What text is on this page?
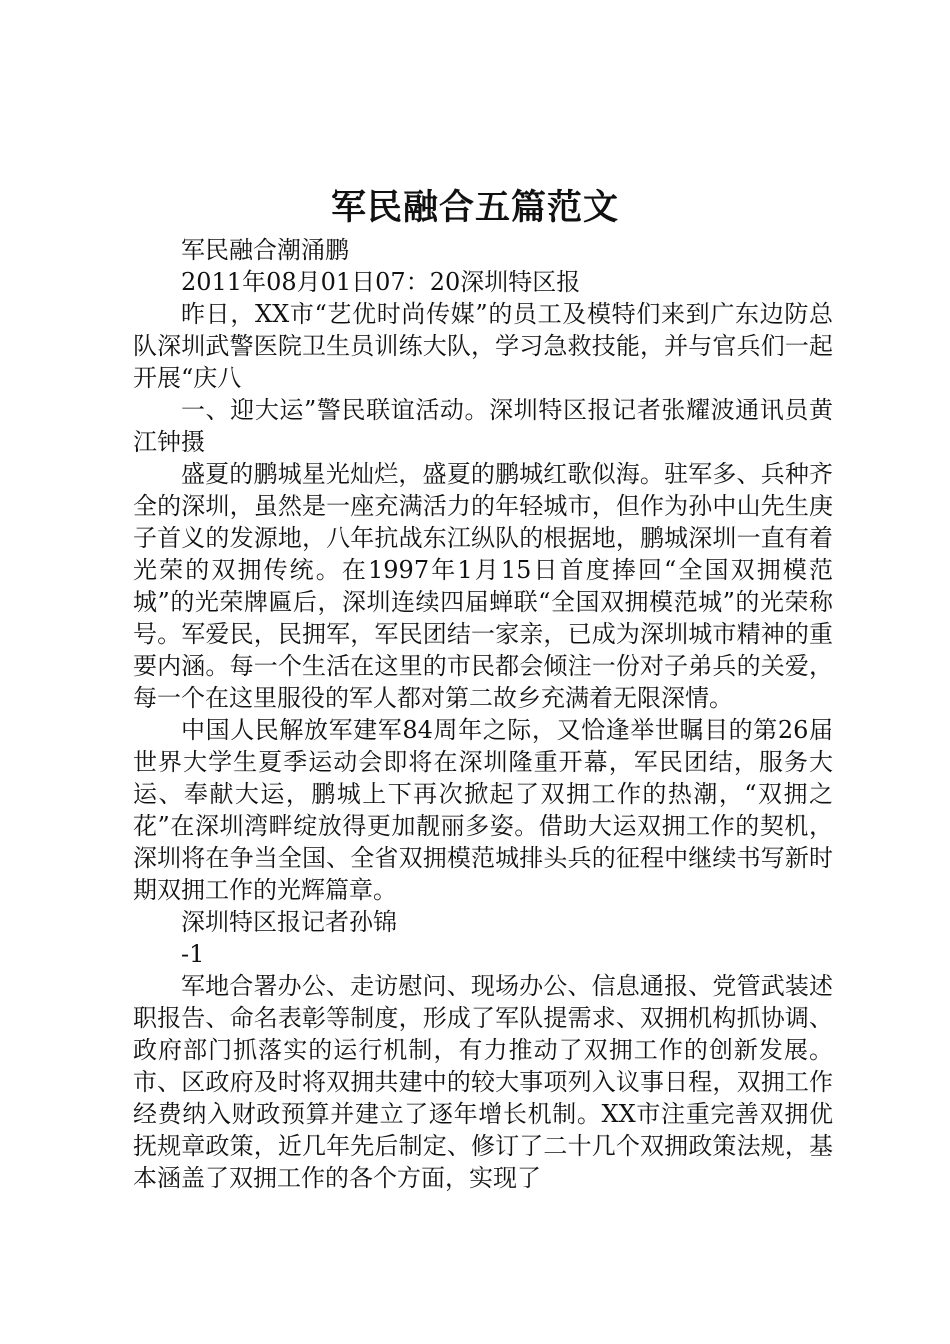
军民融合五篇范文

军民融合潮涌鹏

2011年08月01日07：20深圳特区报

昨日，XX市“艺优时尚传媒”的员工及模特们来到广东边防总队深圳武警医院卫生员训练大队，学习急救技能，并与官兵们一起开展“庆八

一、迎大运”警民联谊活动。深圳特区报记者张耀波通讯员黄江钟摄

盛夏的鹏城星光灿烂，盛夏的鹏城红歌似海。驻军多、兵种齐全的深圳，虽然是一座充满活力的年轻城市，但作为孙中山先生庚子首义的发源地，八年抗战东江纵队的根据地，鹏城深圳一直有着光荣的双拥传统。在1997年1月15日首度捧回“全国双拥模范城”的光荣牌匾后，深圳连续四届蝉联“全国双拥模范城”的光荣称号。军爱民，民拥军，军民团结一家亲，已成为深圳城市精神的重要内涵。每一个生活在这里的市民都会倾注一份对子弟兵的关爱，每一个在这里服役的军人都对第二故乡充满着无限深情。

中国人民解放军建军84周年之际，又恰逢举世瞩目的第26届世界大学生夏季运动会即将在深圳隆重开幕，军民团结，服务大运、奉献大运，鹏城上下再次掀起了双拥工作的热潮，“双拥之花”在深圳湾畔绽放得更加靓丽多姿。借助大运双拥工作的契机，深圳将在争当全国、全省双拥模范城排头兵的征程中继续书写新时期双拥工作的光辉篇章。

深圳特区报记者孙锦

-1

军地合署办公、走访慰问、现场办公、信息通报、党管武装述职报告、命名表彰等制度，形成了军队提需求、双拥机构抓协调、政府部门抓落实的运行机制，有力推动了双拥工作的创新发展。市、区政府及时将双拥共建中的较大事项列入议事日程，双拥工作经费纳入财政预算并建立了逐年增长机制。XX市注重完善双拥优抚规章政策，近几年先后制定、修订了二十几个双拥政策法规，基本涵盖了双拥工作的各个方面，实现了
